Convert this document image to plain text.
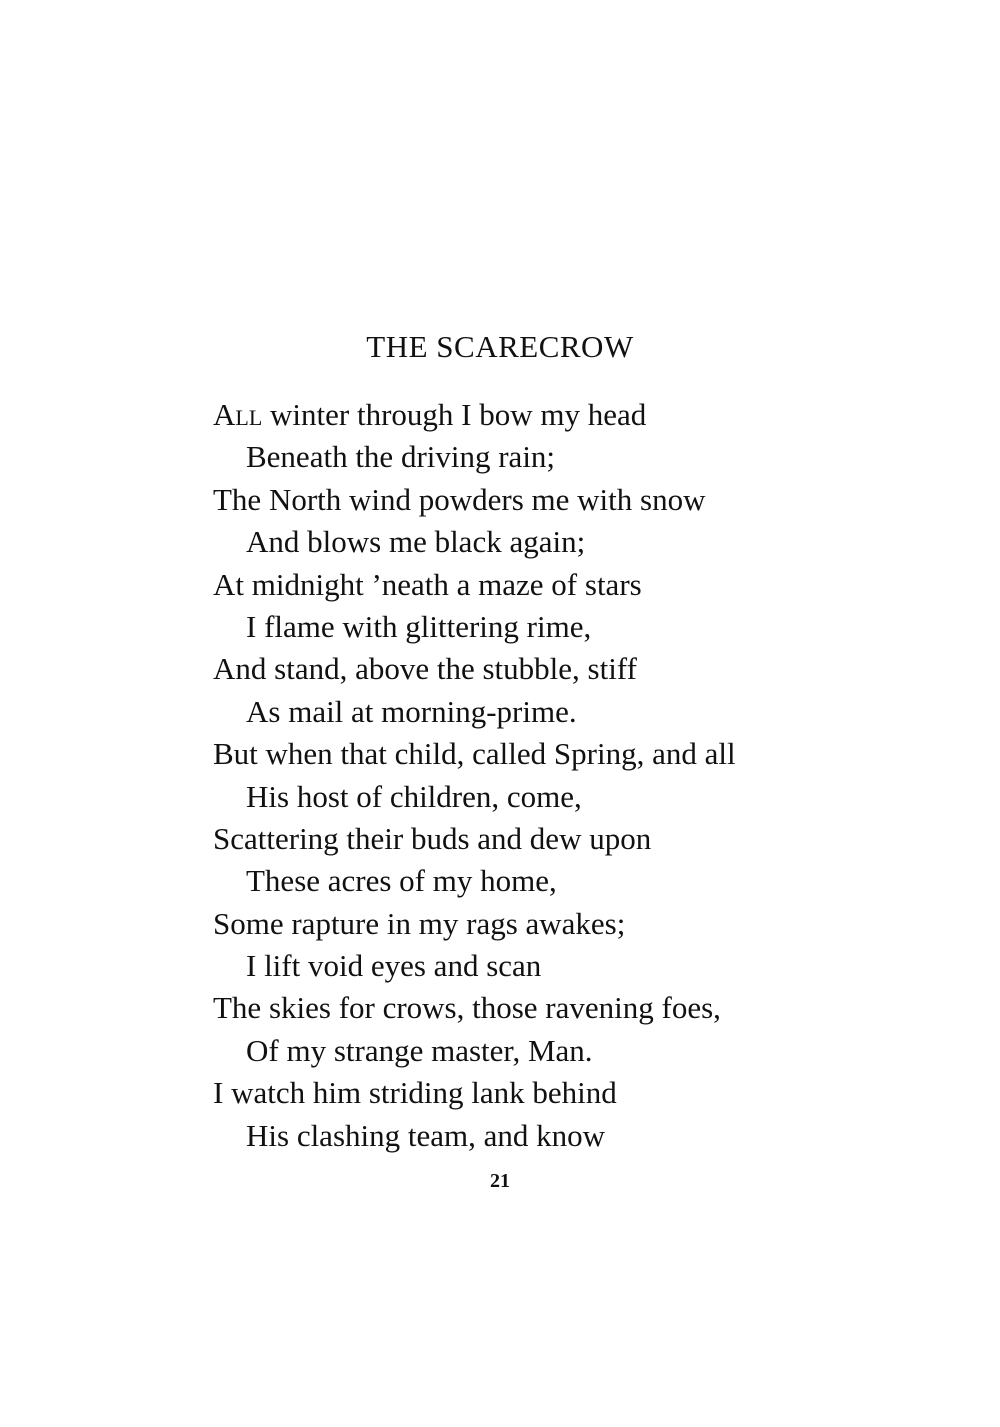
THE SCARECROW
All winter through I bow my head
Beneath the driving rain;
The North wind powders me with snow
And blows me black again;
At midnight ’neath a maze of stars
I flame with glittering rime,
And stand, above the stubble, stiff
As mail at morning-prime.
But when that child, called Spring, and all
His host of children, come,
Scattering their buds and dew upon
These acres of my home,
Some rapture in my rags awakes;
I lift void eyes and scan
The skies for crows, those ravening foes,
Of my strange master, Man.
I watch him striding lank behind
His clashing team, and know
21
